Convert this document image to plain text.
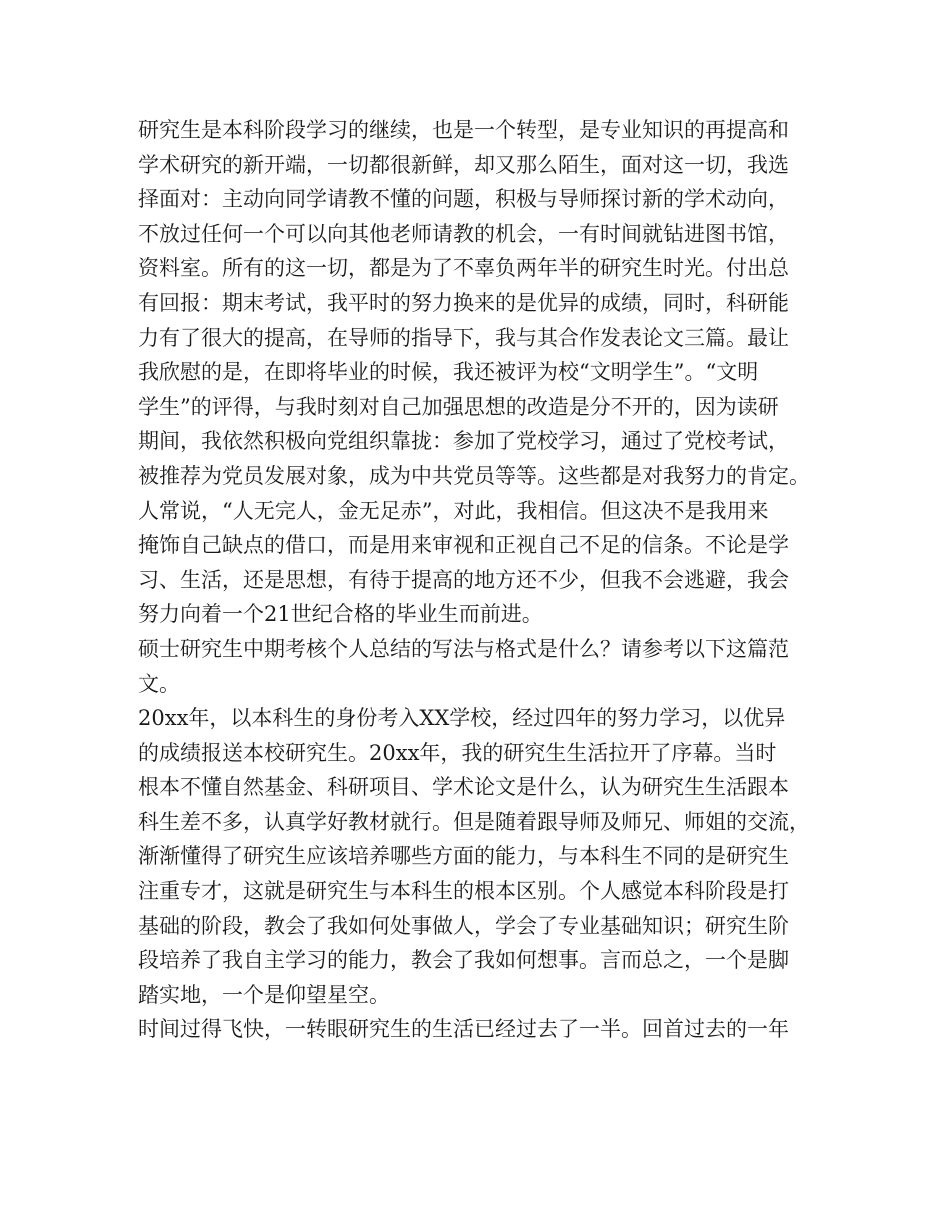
研究生是本科阶段学习的继续，也是一个转型，是专业知识的再提高和
学术研究的新开端，一切都很新鲜，却又那么陌生，面对这一切，我选
择面对：主动向同学请教不懂的问题，积极与导师探讨新的学术动向，
不放过任何一个可以向其他老师请教的机会，一有时间就钻进图书馆，
资料室。所有的这一切，都是为了不辜负两年半的研究生时光。付出总
有回报：期末考试，我平时的努力换来的是优异的成绩，同时，科研能
力有了很大的提高，在导师的指导下，我与其合作发表论文三篇。最让
我欣慰的是，在即将毕业的时候，我还被评为校“文明学生”。“文明
学生”的评得，与我时刻对自己加强思想的改造是分不开的，因为读研
期间，我依然积极向党组织靠拢：参加了党校学习，通过了党校考试，
被推荐为党员发展对象，成为中共党员等等。这些都是对我努力的肯定。
人常说，“人无完人，金无足赤”，对此，我相信。但这决不是我用来
掩饰自己缺点的借口，而是用来审视和正视自己不足的信条。不论是学
习、生活，还是思想，有待于提高的地方还不少，但我不会逃避，我会
努力向着一个21世纪合格的毕业生而前进。
硕士研究生中期考核个人总结的写法与格式是什么？请参考以下这篇范
文。
20xx年，以本科生的身份考入XX学校，经过四年的努力学习，以优异
的成绩报送本校研究生。20xx年，我的研究生生活拉开了序幕。当时
根本不懂自然基金、科研项目、学术论文是什么，认为研究生生活跟本
科生差不多，认真学好教材就行。但是随着跟导师及师兄、师姐的交流，
渐渐懂得了研究生应该培养哪些方面的能力，与本科生不同的是研究生
注重专才，这就是研究生与本科生的根本区别。个人感觉本科阶段是打
基础的阶段，教会了我如何处事做人，学会了专业基础知识；研究生阶
段培养了我自主学习的能力，教会了我如何想事。言而总之，一个是脚
踏实地，一个是仰望星空。
时间过得飞快，一转眼研究生的生活已经过去了一半。回首过去的一年
